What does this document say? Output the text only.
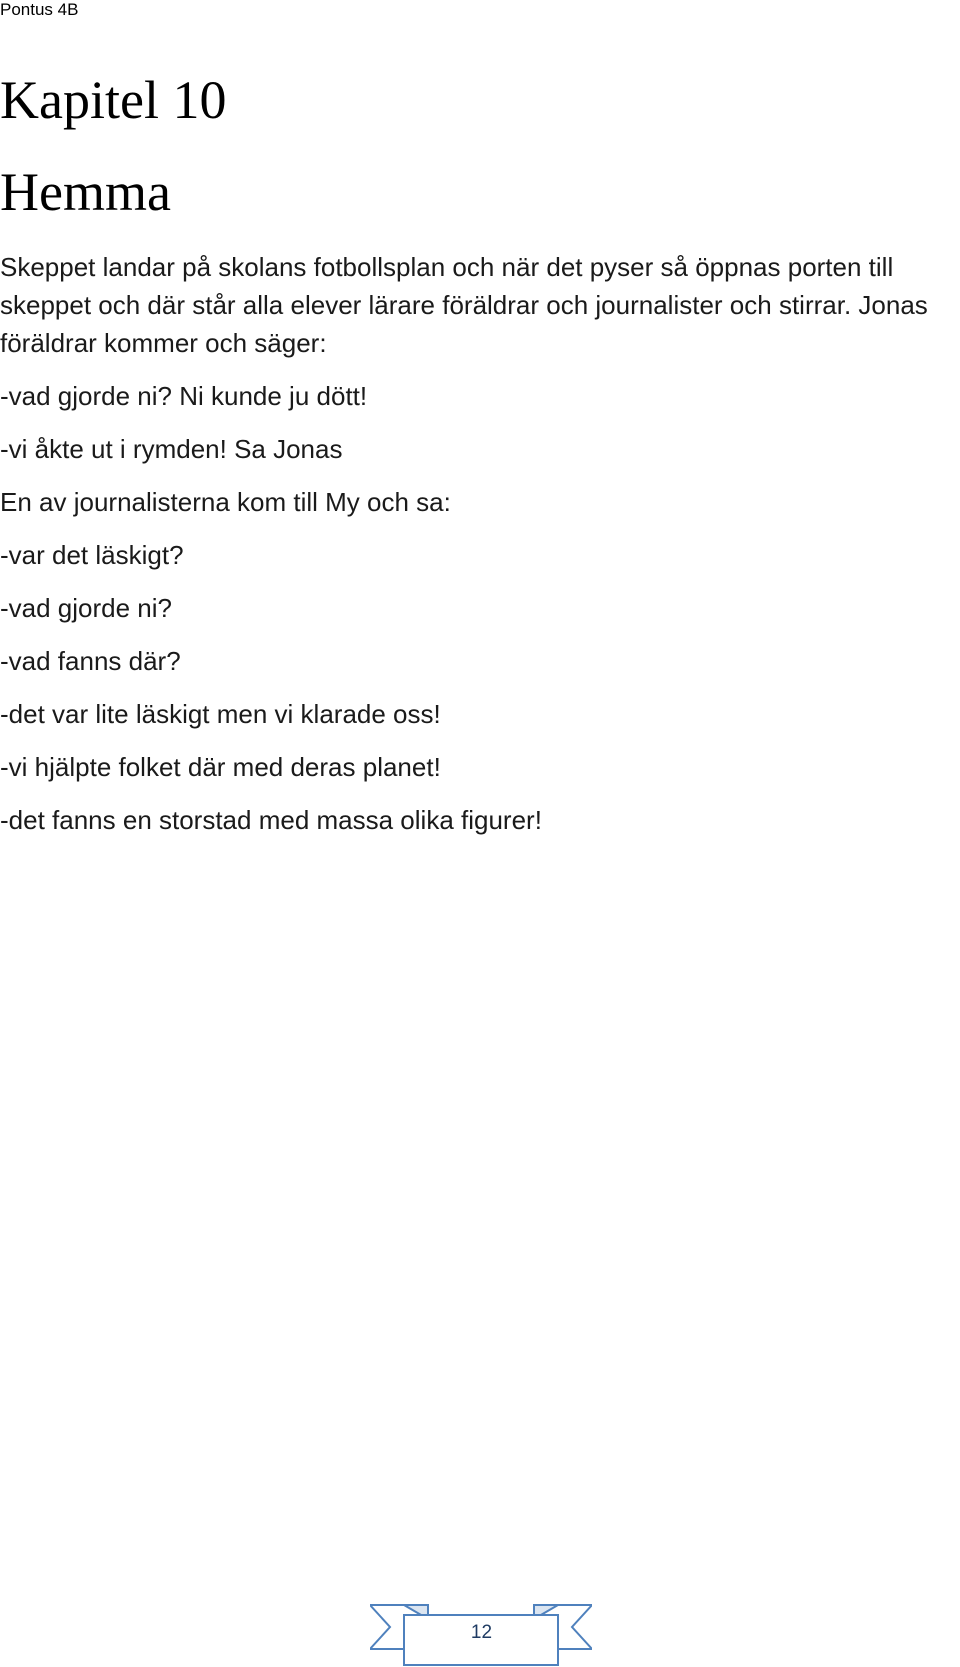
Pontus 4B
Kapitel 10
Hemma

Skeppet landar på skolans fotbollsplan och när det pyser så öppnas porten till skeppet och där står alla elever lärare föräldrar och journalister och stirrar. Jonas föräldrar kommer och säger:

-vad gjorde ni? Ni kunde ju dött!

-vi åkte ut i rymden! Sa Jonas

En av journalisterna kom till My och sa:

-var det läskigt?

-vad gjorde ni?

-vad fanns där?

-det var lite läskigt men vi klarade oss!

-vi hjälpte folket där med deras planet!

-det fanns en storstad med massa olika figurer!

12
